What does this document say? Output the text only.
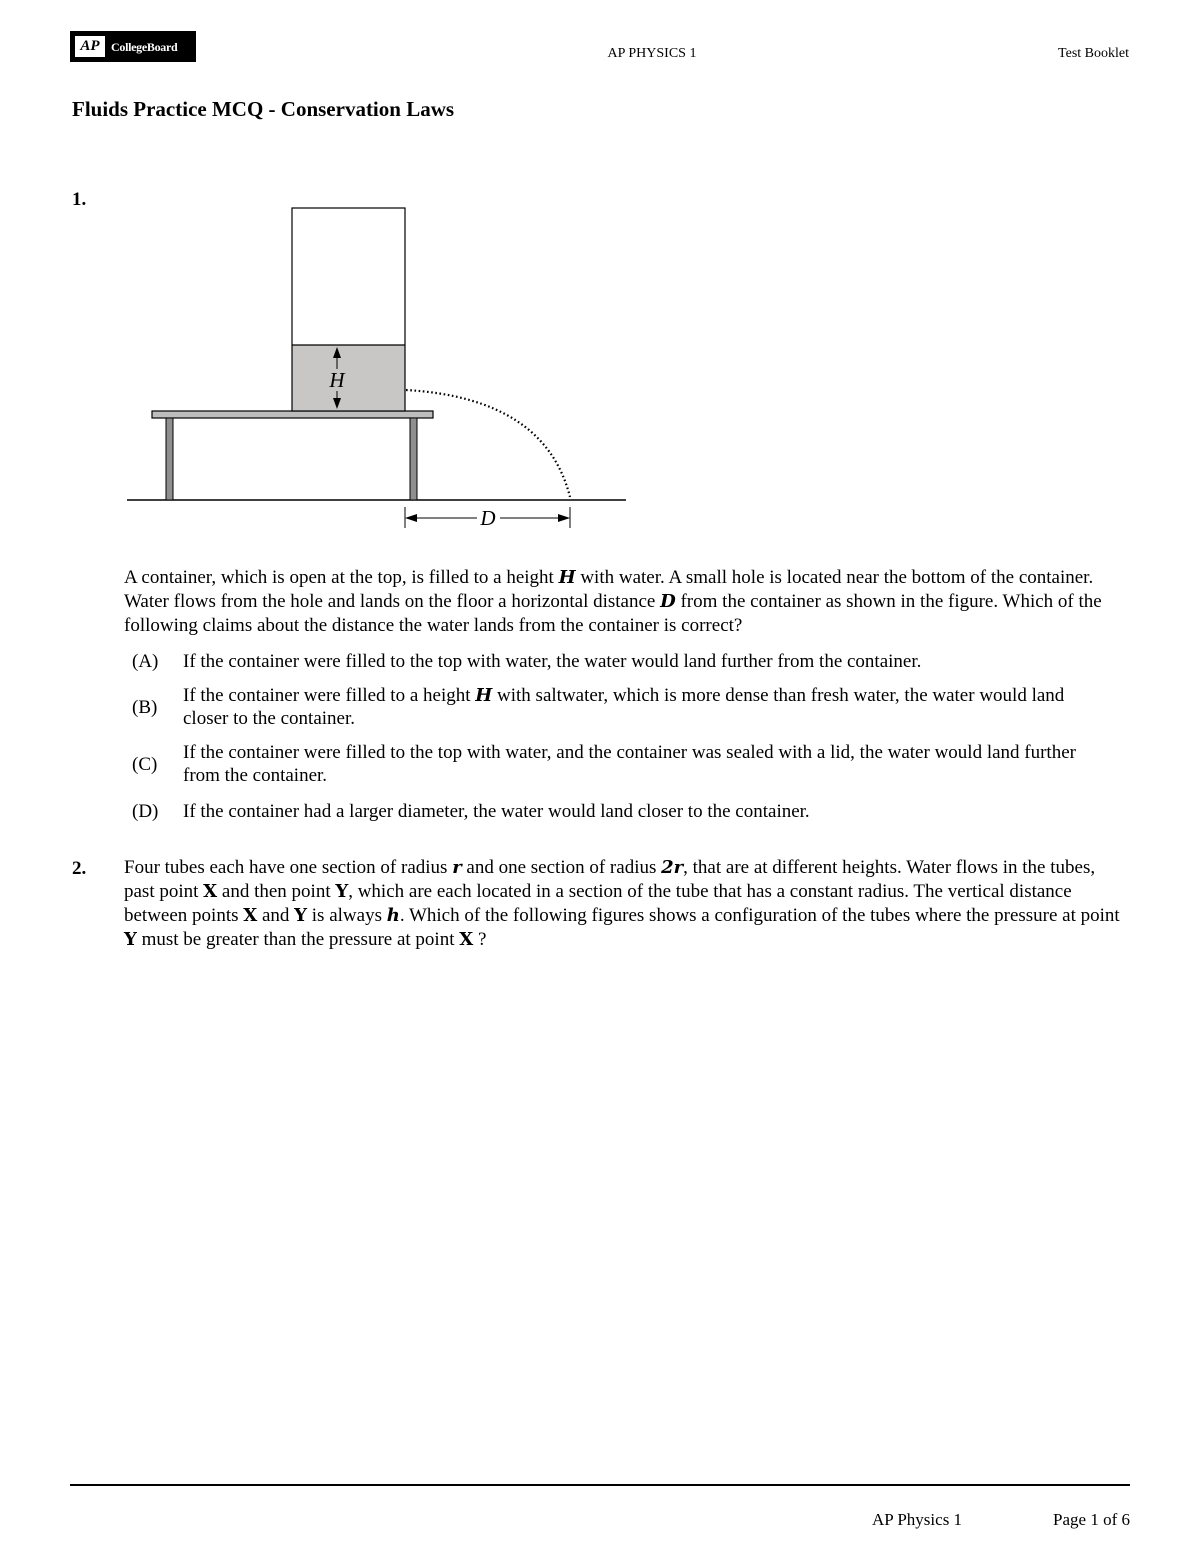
AP CollegeBoard	AP PHYSICS 1	Test Booklet
Fluids Practice MCQ - Conservation Laws
1.
H
D
A container, which is open at the top, is filled to a height H with water. A small hole is located near the bottom of the container. Water flows from the hole and lands on the floor a horizontal distance D from the container as shown in the figure. Which of the following claims about the distance the water lands from the container is correct?
(A)	If the container were filled to the top with water, the water would land further from the container.
(B)
If the container were filled to a height H with saltwater, which is more dense than fresh water, the water would land closer to the container.
(C)
If the container were filled to the top with water, and the container was sealed with a lid, the water would land further from the container.
(D)	If the container had a larger diameter, the water would land closer to the container.
2. Four tubes each have one section of radius r and one section of radius 2r, that are at different heights. Water flows in the tubes, past point X and then point Y, which are each located in a section of the tube that has a constant radius. The vertical distance between points X and Y is always h. Which of the following figures shows a configuration of the tubes where the pressure at point Y must be greater than the pressure at point X ?
AP Physics 1	Page 1 of 6
